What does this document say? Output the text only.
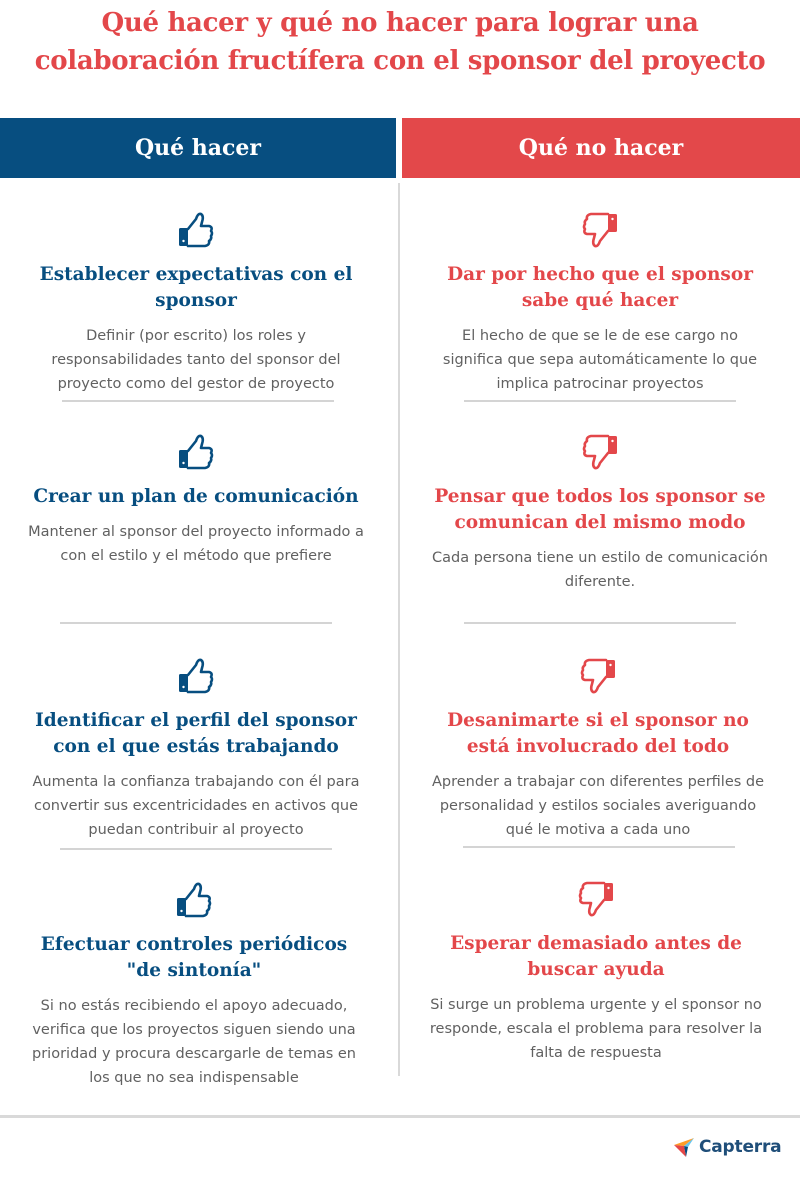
Qué hacer y qué no hacer para lograr una
colaboración fructífera con el sponsor del proyecto
Qué hacer	Qué no hacer
Establecer expectativas con el sponsor
Definir (por escrito) los roles y responsabilidades tanto del sponsor del proyecto como del gestor de proyecto
Crear un plan de comunicación
Mantener al sponsor del proyecto informado a con el estilo y el método que prefiere
Identificar el perfil del sponsor con el que estás trabajando
Aumenta la confianza trabajando con él para convertir sus excentricidades en activos que puedan contribuir al proyecto
Efectuar controles periódicos "de sintonía"
Si no estás recibiendo el apoyo adecuado, verifica que los proyectos siguen siendo una prioridad y procura descargarle de temas en los que no sea indispensable
Dar por hecho que el sponsor sabe qué hacer
El hecho de que se le de ese cargo no significa que sepa automáticamente lo que implica patrocinar proyectos
Pensar que todos los sponsor se comunican del mismo modo
Cada persona tiene un estilo de comunicación diferente.
Desanimarte si el sponsor no está involucrado del todo
Aprender a trabajar con diferentes perfiles de personalidad y estilos sociales averiguando qué le motiva a cada uno
Esperar demasiado antes de buscar ayuda
Si surge un problema urgente y el sponsor no responde, escala el problema para resolver la falta de respuesta
Capterra
